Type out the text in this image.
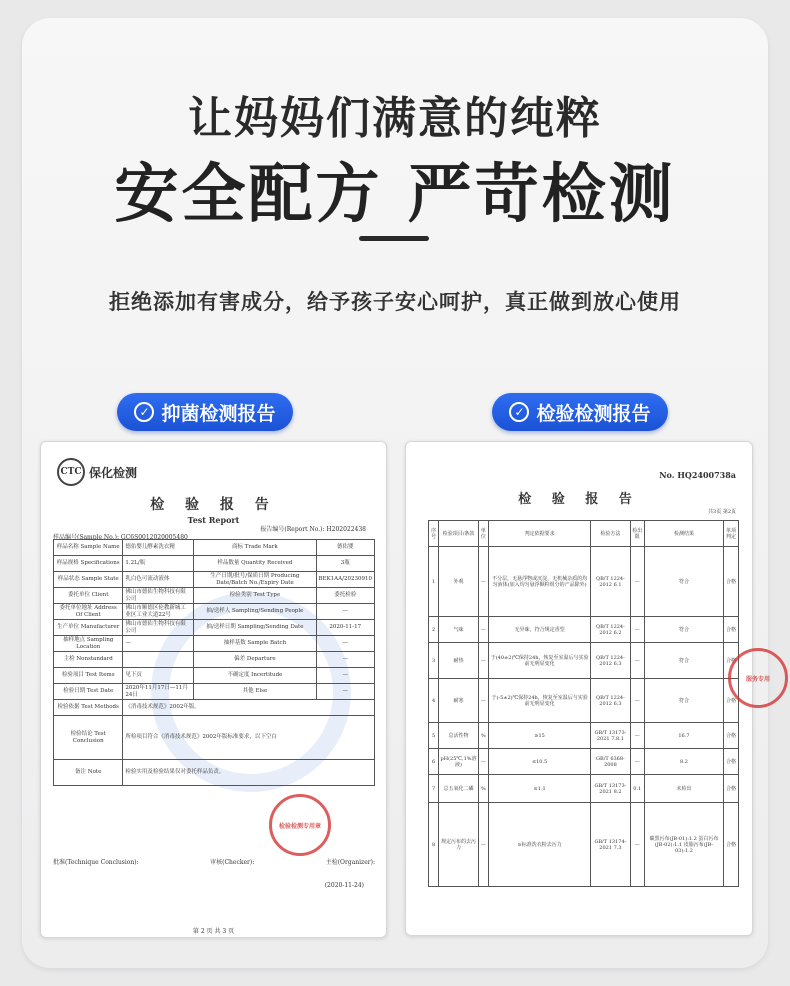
让妈妈们满意的纯粹
安全配方 严苛检测
拒绝添加有害成分，给予孩子安心呵护，真正做到放心使用
✓ 抑菌检测报告	✓ 检验检测报告
CTC 保化检测
检 验 报 告
Test Report
报告编号(Report No.): H202022438
样品编号(Sample No.): GC6S0012020005480
样品名称 Sample Name	德佑婴儿酵素洗衣精	商标 Trade Mark	德佑婴
样品规格 Specifications	1.2L/瓶	样品数量 Quantity Received	3瓶
样品状态 Sample State	乳白色可流动液体	生产日期/批号/保质日期 Producing Date/Batch No./Expiry Date	BEK1AA/20230910
委托单位 Client	佛山市德佑生物科技有限公司	检验类别 Test Type	委托检验
委托单位地址 Address Of Client	佛山市顺德区伦教新城工业区工业大道22号	抽/送样人 Sampling/Sending People	—
生产单位 Manufacturer	佛山市德佑生物科技有限公司	抽/送样日期 Sampling/Sending Date	2020-11-17
抽样地点 Sampling Location	—	抽样基数 Sample Batch	—
主检 Nonstandard		偏差 Departure	—
检验项目 Test Items	见下页	不确定度 Incertitude	—
检验日期 Test Date	2020年11月17日—11月24日	其他 Else	—
检验依据 Test Methods	《消毒技术规范》2002年版。		
检验结论 Test Conclusion	所检项目符合《消毒技术规范》2002年版标准要求，以下空白		
备注 Note	检验实用及检验结果仅对委托样品负责。		
检验检测专用章
批准(Technique Conclusion):	审核(Checker):	主检(Organizer):
(2020-11-24)
第 2 页 共 3 页
No. HQ2400738a
检 验 报 告
共3页 第2页
序号	检验项目/条款	单位	判定依据要求	检验方法	检出限	检测结果	单项判定
1	外观	—	不分层，无悬浮物或沉淀，无机械杂质的均匀液体(加入均匀悬浮颗粒组分的产品除外)	QB/T 1224-2012 6.1	—	符合	合格
2	气味	—	无异味，符合规定香型	QB/T 1224-2012 6.2	—	符合	合格
3	耐热	—	于(40±2)℃保持24h，恢复至室温后与实验前无明显变化	QB/T 1224-2012 6.3	—	符合	合格
4	耐寒	—	于(-5±2)℃保持24h，恢复至室温后与实验前无明显变化	QB/T 1224-2012 6.3	—	符合	合格
5	总活性物	%	≥15	GB/T 13173-2021 7.8.1	—	16.7	合格
6	pH(25℃,1%溶液)	—	≤10.5	GB/T 6368-2008	—	8.2	合格
7	总五氧化二磷	%	≤1.1	GB/T 13173-2021 8.2	0.1	未检出	合格
8	规定污布的去污力	—	≥标准洗衣粉去污力	GB/T 13174-2021 7.3	—	碳黑污布(JB-01):1.2 蛋白污布(JB-02):1.1 皮脂污布(JB-03):1.2	合格
服务专用
